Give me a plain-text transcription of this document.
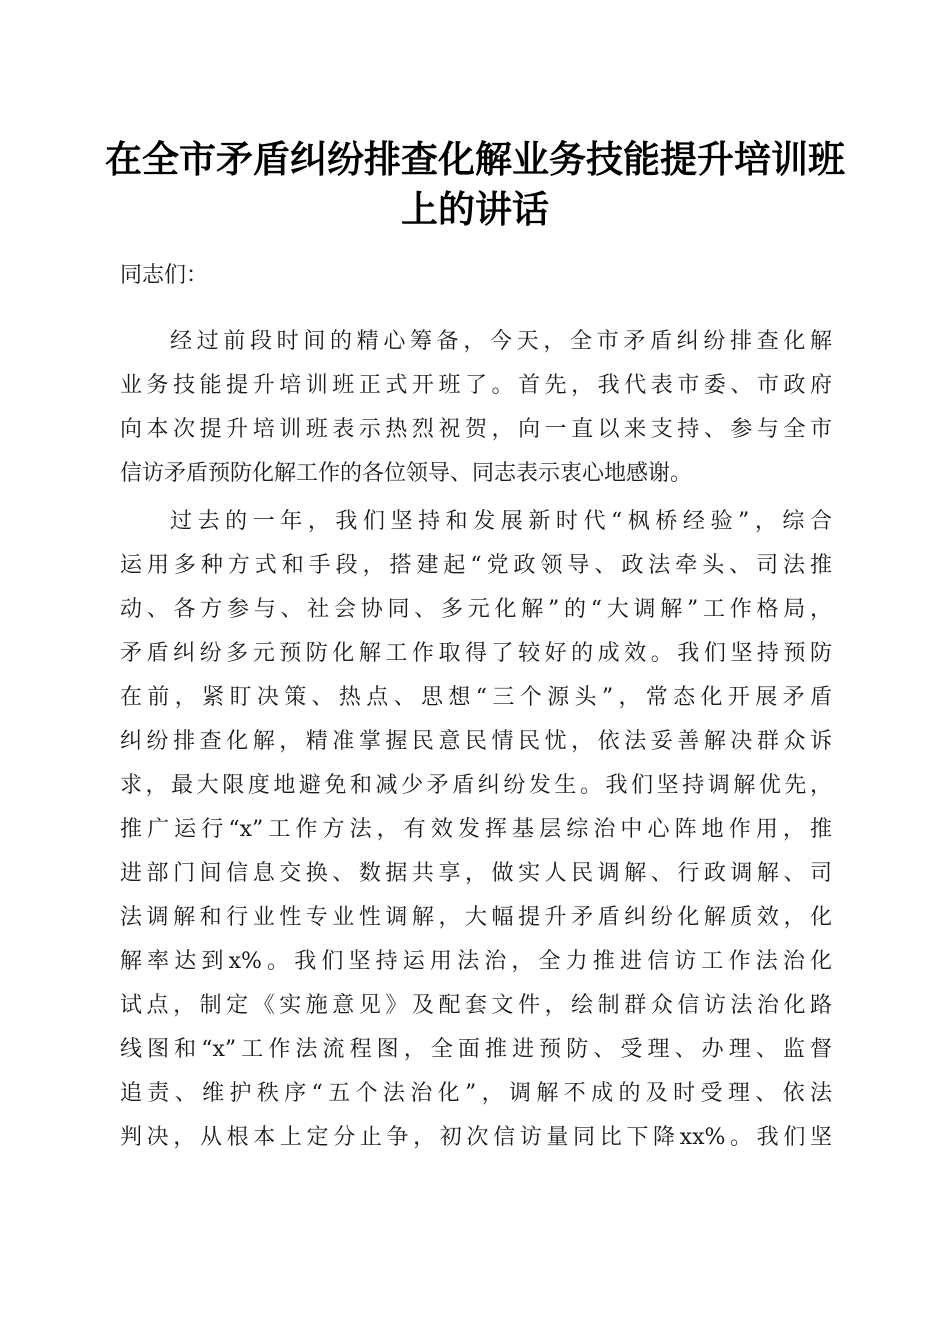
在全市矛盾纠纷排查化解业务技能提升培训班
上的讲话

同志们：

经过前段时间的精心筹备，今天，全市矛盾纠纷排查化解
业务技能提升培训班正式开班了。首先，我代表市委、市政府
向本次提升培训班表示热烈祝贺，向一直以来支持、参与全市
信访矛盾预防化解工作的各位领导、同志表示衷心地感谢。
过去的一年，我们坚持和发展新时代“枫桥经验”，综合
运用多种方式和手段，搭建起“党政领导、政法牵头、司法推
动、各方参与、社会协同、多元化解”的“大调解”工作格局，
矛盾纠纷多元预防化解工作取得了较好的成效。我们坚持预防
在前，紧盯决策、热点、思想“三个源头”，常态化开展矛盾
纠纷排查化解，精准掌握民意民情民忧，依法妥善解决群众诉
求，最大限度地避免和减少矛盾纠纷发生。我们坚持调解优先，
推广运行“x”工作方法，有效发挥基层综治中心阵地作用，推
进部门间信息交换、数据共享，做实人民调解、行政调解、司
法调解和行业性专业性调解，大幅提升矛盾纠纷化解质效，化
解率达到x%。我们坚持运用法治，全力推进信访工作法治化
试点，制定《实施意见》及配套文件，绘制群众信访法治化路
线图和“x”工作法流程图，全面推进预防、受理、办理、监督
追责、维护秩序“五个法治化”，调解不成的及时受理、依法
判决，从根本上定分止争，初次信访量同比下降xx%。我们坚
